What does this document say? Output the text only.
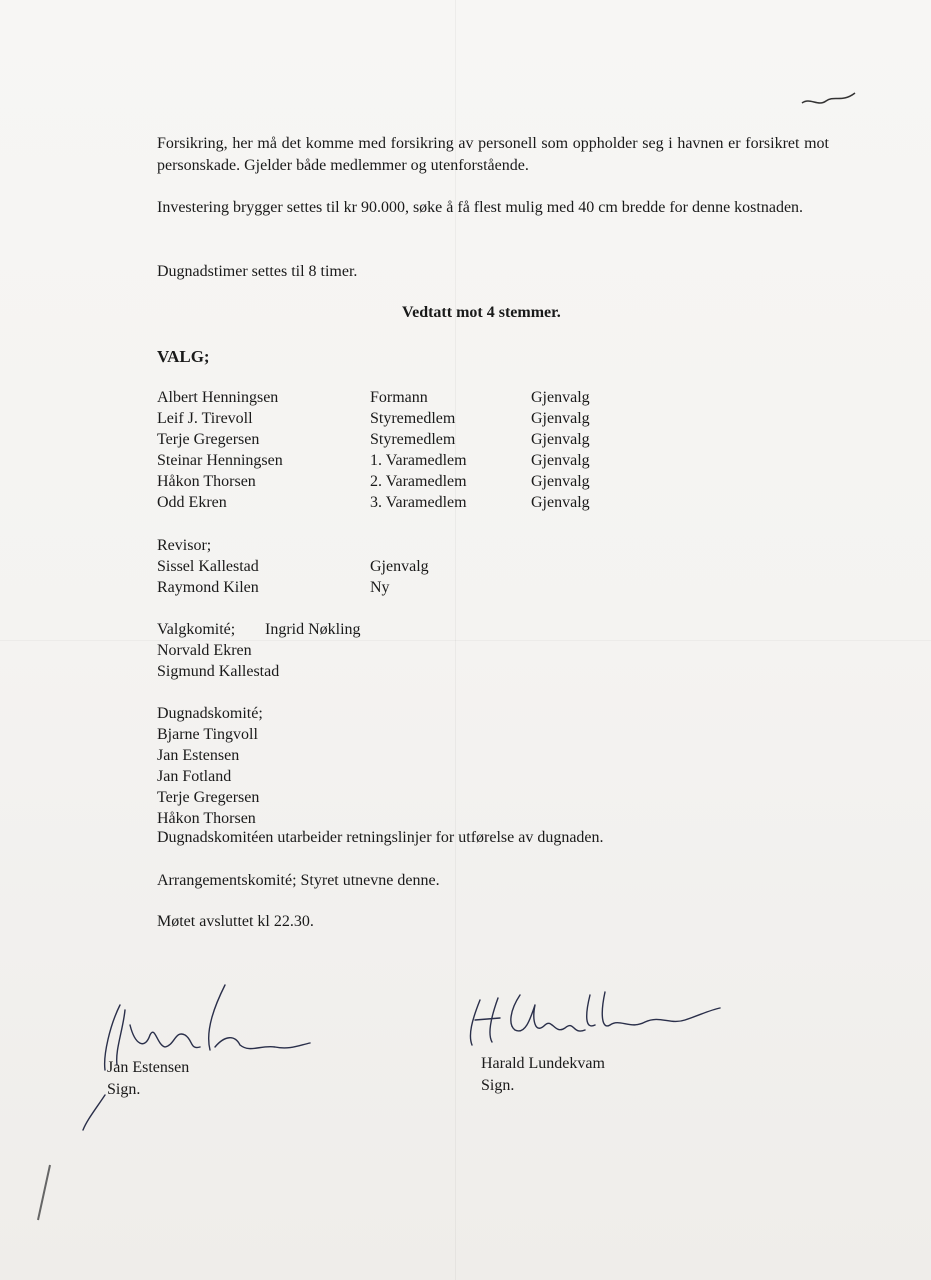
Forsikring, her må det komme med forsikring av personell som oppholder seg i havnen er forsikret mot personskade. Gjelder både medlemmer og utenforstående.
Investering brygger settes til kr 90.000, søke å få flest mulig med 40 cm bredde for denne kostnaden.
Dugnadstimer settes til 8 timer.
Vedtatt mot 4 stemmer.
VALG;
Albert Henningsen	Formann	Gjenvalg
Leif J. Tirevoll	Styremedlem	Gjenvalg
Terje Gregersen	Styremedlem	Gjenvalg
Steinar Henningsen	1. Varamedlem	Gjenvalg
Håkon Thorsen	2. Varamedlem	Gjenvalg
Odd Ekren	3. Varamedlem	Gjenvalg
Revisor;
Sissel Kallestad	Gjenvalg
Raymond Kilen	Ny
Valgkomité; Ingrid Nøkling
Norvald Ekren
Sigmund Kallestad
Dugnadskomité;
Bjarne Tingvoll
Jan Estensen
Jan Fotland
Terje Gregersen
Håkon Thorsen
Dugnadskomitéen utarbeider retningslinjer for utførelse av dugnaden.
Arrangementskomité; Styret utnevne denne.
Møtet avsluttet kl 22.30.
Jan Estensen
Sign.
Harald Lundekvam
Sign.
